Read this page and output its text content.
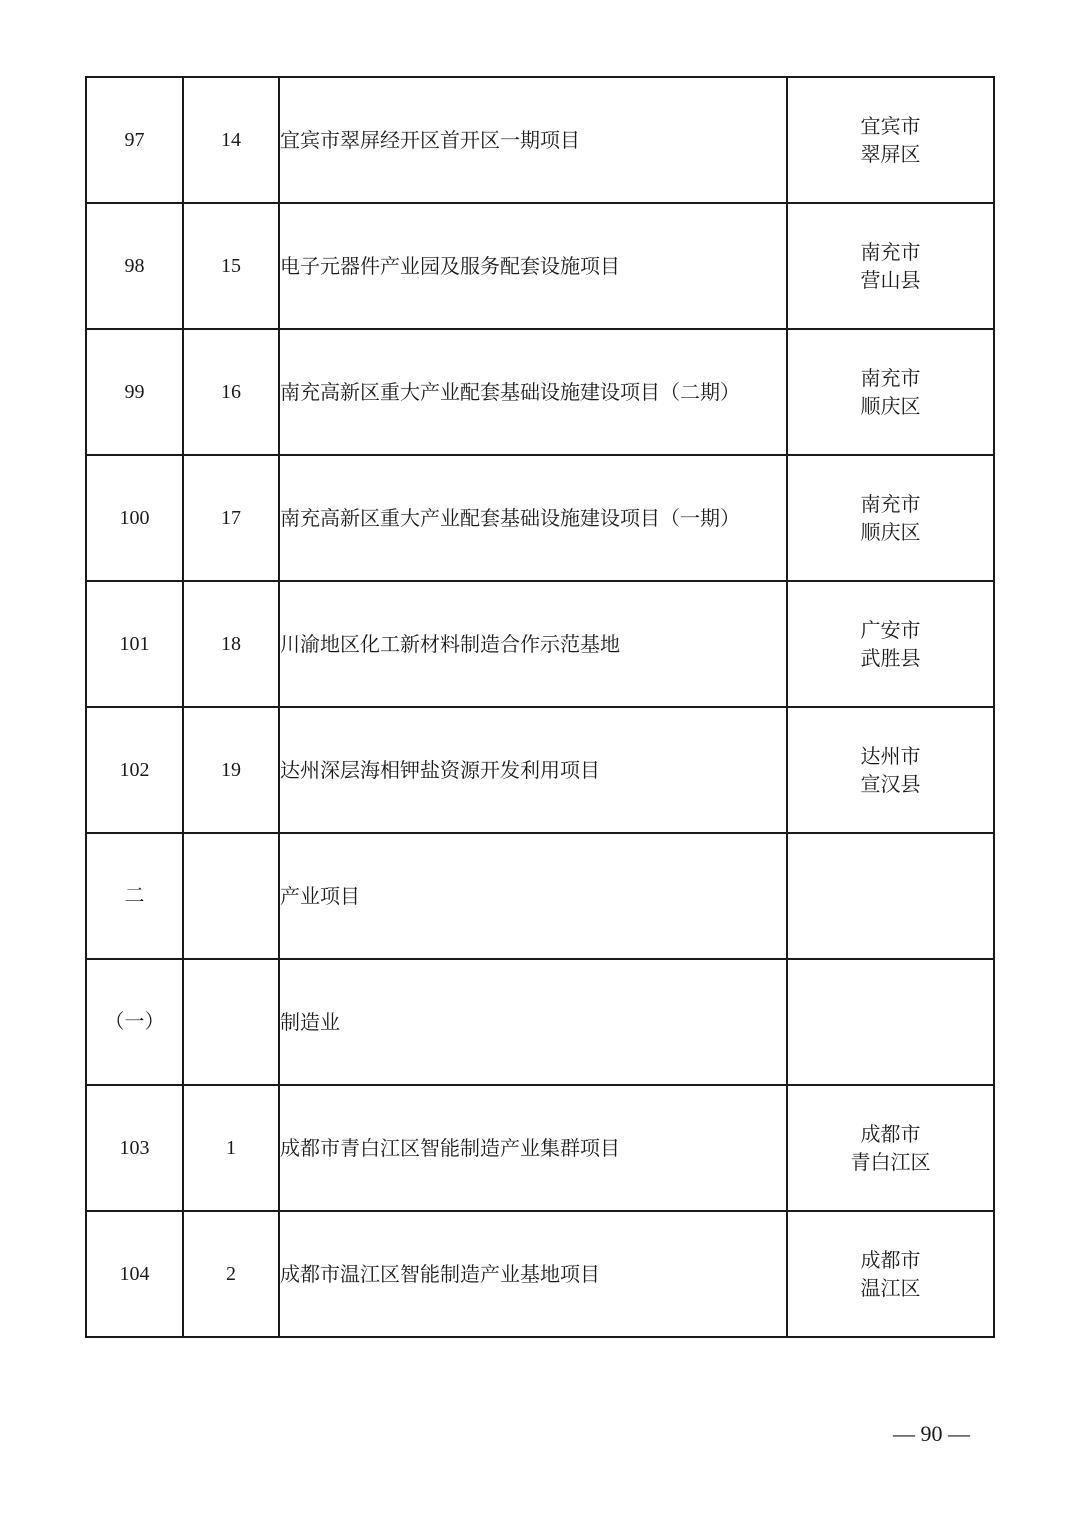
97	14	宜宾市翠屏经开区首开区一期项目	宜宾市
翠屏区

98	15	电子元器件产业园及服务配套设施项目	南充市
营山县

99	16	南充高新区重大产业配套基础设施建设项目（二期）	南充市
顺庆区

100	17	南充高新区重大产业配套基础设施建设项目（一期）	南充市
顺庆区

101	18	川渝地区化工新材料制造合作示范基地	广安市
武胜县

102	19	达州深层海相钾盐资源开发利用项目	达州市
宣汉县

二		产业项目	

（一）		制造业	

103	1	成都市青白江区智能制造产业集群项目	成都市
青白江区

104	2	成都市温江区智能制造产业基地项目	成都市
温江区
— 90 —
